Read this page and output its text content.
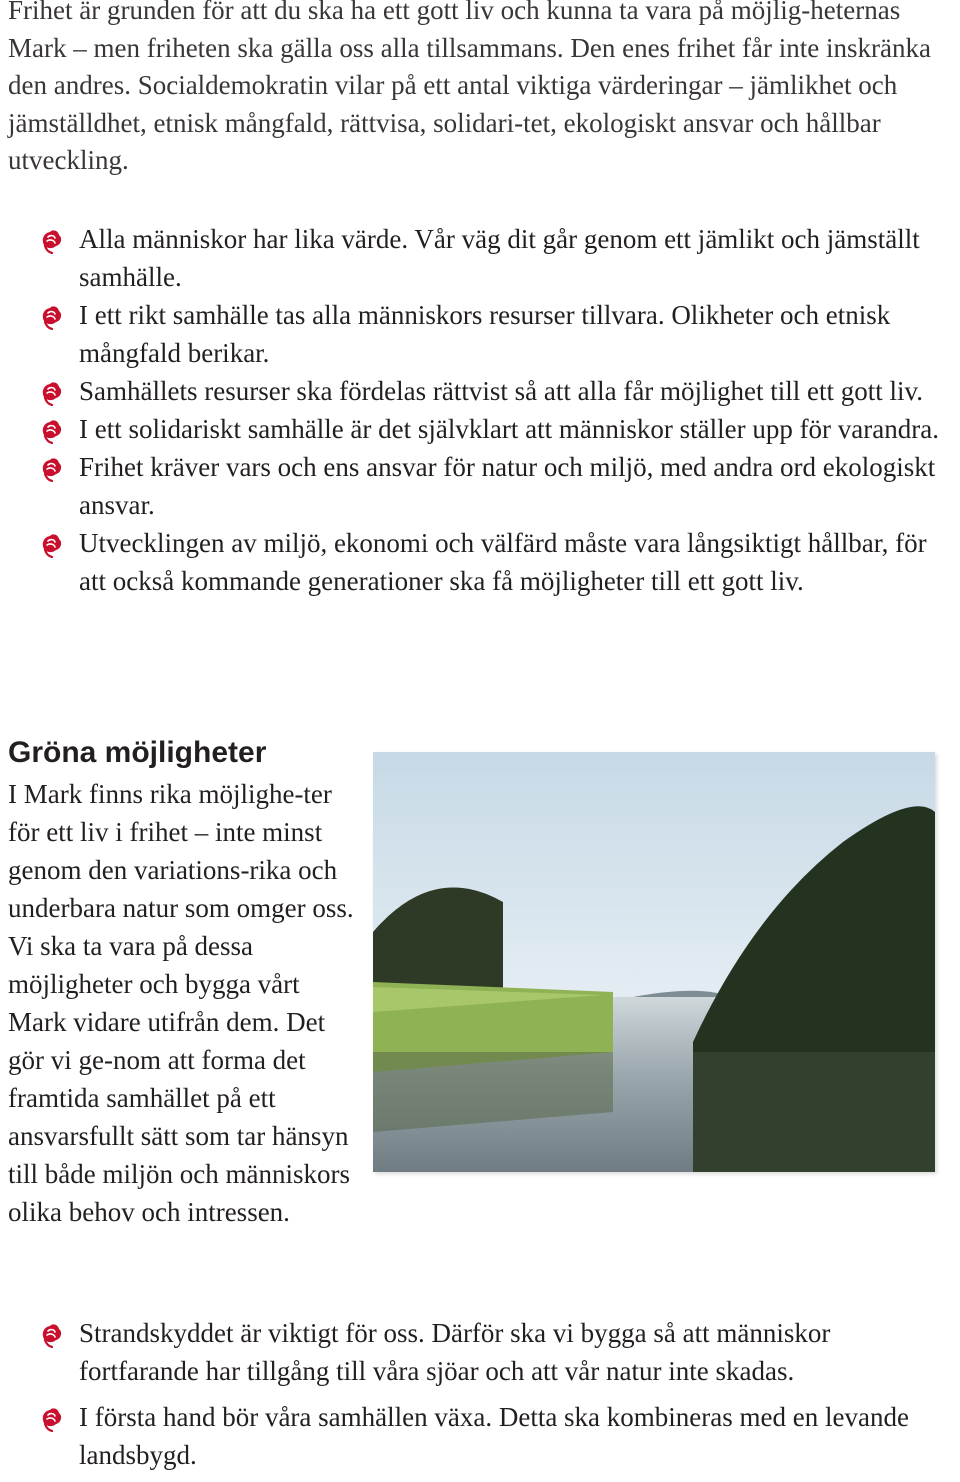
Frihet är grunden för att du ska ha ett gott liv och kunna ta vara på möjlig-heternas Mark – men friheten ska gälla oss alla tillsammans. Den enes frihet får inte inskränka den andres. Socialdemokratin vilar på ett antal viktiga värderingar – jämlikhet och jämställdhet, etnisk mångfald, rättvisa, solidari-tet, ekologiskt ansvar och hållbar utveckling.

Alla människor har lika värde. Vår väg dit går genom ett jämlikt och jämställt samhälle.
I ett rikt samhälle tas alla människors resurser tillvara. Olikheter och etnisk mångfald berikar.
Samhällets resurser ska fördelas rättvist så att alla får möjlighet till ett gott liv.
I ett solidariskt samhälle är det självklart att människor ställer upp för varandra.
Frihet kräver vars och ens ansvar för natur och miljö, med andra ord ekologiskt ansvar.
Utvecklingen av miljö, ekonomi och välfärd måste vara långsiktigt hållbar, för att också kommande generationer ska få möjligheter till ett gott liv.
Gröna möjligheter

I Mark finns rika möjlighe-ter för ett liv i frihet – inte minst genom den variations-rika och underbara natur som omger oss. Vi ska ta vara på dessa möjligheter och bygga vårt Mark vidare utifrån dem. Det gör vi ge-nom att forma det framtida samhället på ett ansvarsfullt sätt som tar hänsyn till både miljön och människors olika behov och intressen.

Strandskyddet är viktigt för oss. Därför ska vi bygga så att människor fortfarande har tillgång till våra sjöar och att vår natur inte skadas.
I första hand bör våra samhällen växa. Detta ska kombineras med en levande landsbygd.
